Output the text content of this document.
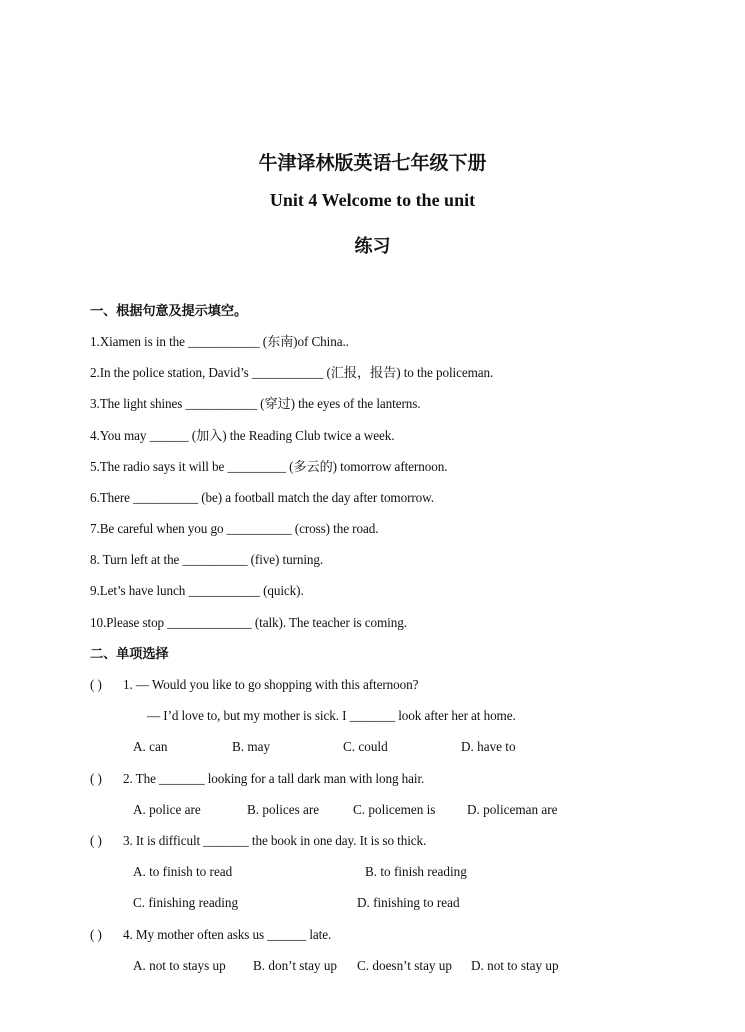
牛津译林版英语七年级下册
Unit 4 Welcome to the unit
练习
一、根据句意及提示填空。
1.Xiamen is in the ___________ (东南)of China..
2.In the police station, David’s ___________ (汇报，报告) to the policeman.
3.The light shines ___________ (穿过) the eyes of the lanterns.
4.You may ______ (加入) the Reading Club twice a week.
5.The radio says it will be _________ (多云的) tomorrow afternoon.
6.There __________ (be) a football match the day after tomorrow.
7.Be careful when you go __________ (cross) the road.
8. Turn left at the __________ (five) turning.
9.Let’s have lunch ___________ (quick).
10.Please stop _____________ (talk). The teacher is coming.
二、单项选择
( ) 1. — Would you like to go shopping with this afternoon?
— I’d love to, but my mother is sick. I _______ look after her at home.
A. can	B. may	C. could	D. have to
( ) 2. The _______ looking for a tall dark man with long hair.
A. police are	B. polices are	C. policemen is D. policeman are
( ) 3. It is difficult _______ the book in one day. It is so thick.
A. to finish to read	B. to finish reading
C. finishing reading	D. finishing to read
( ) 4. My mother often asks us ______ late.
A. not to stays up B. don’t stay up C. doesn’t stay up D. not to stay up
